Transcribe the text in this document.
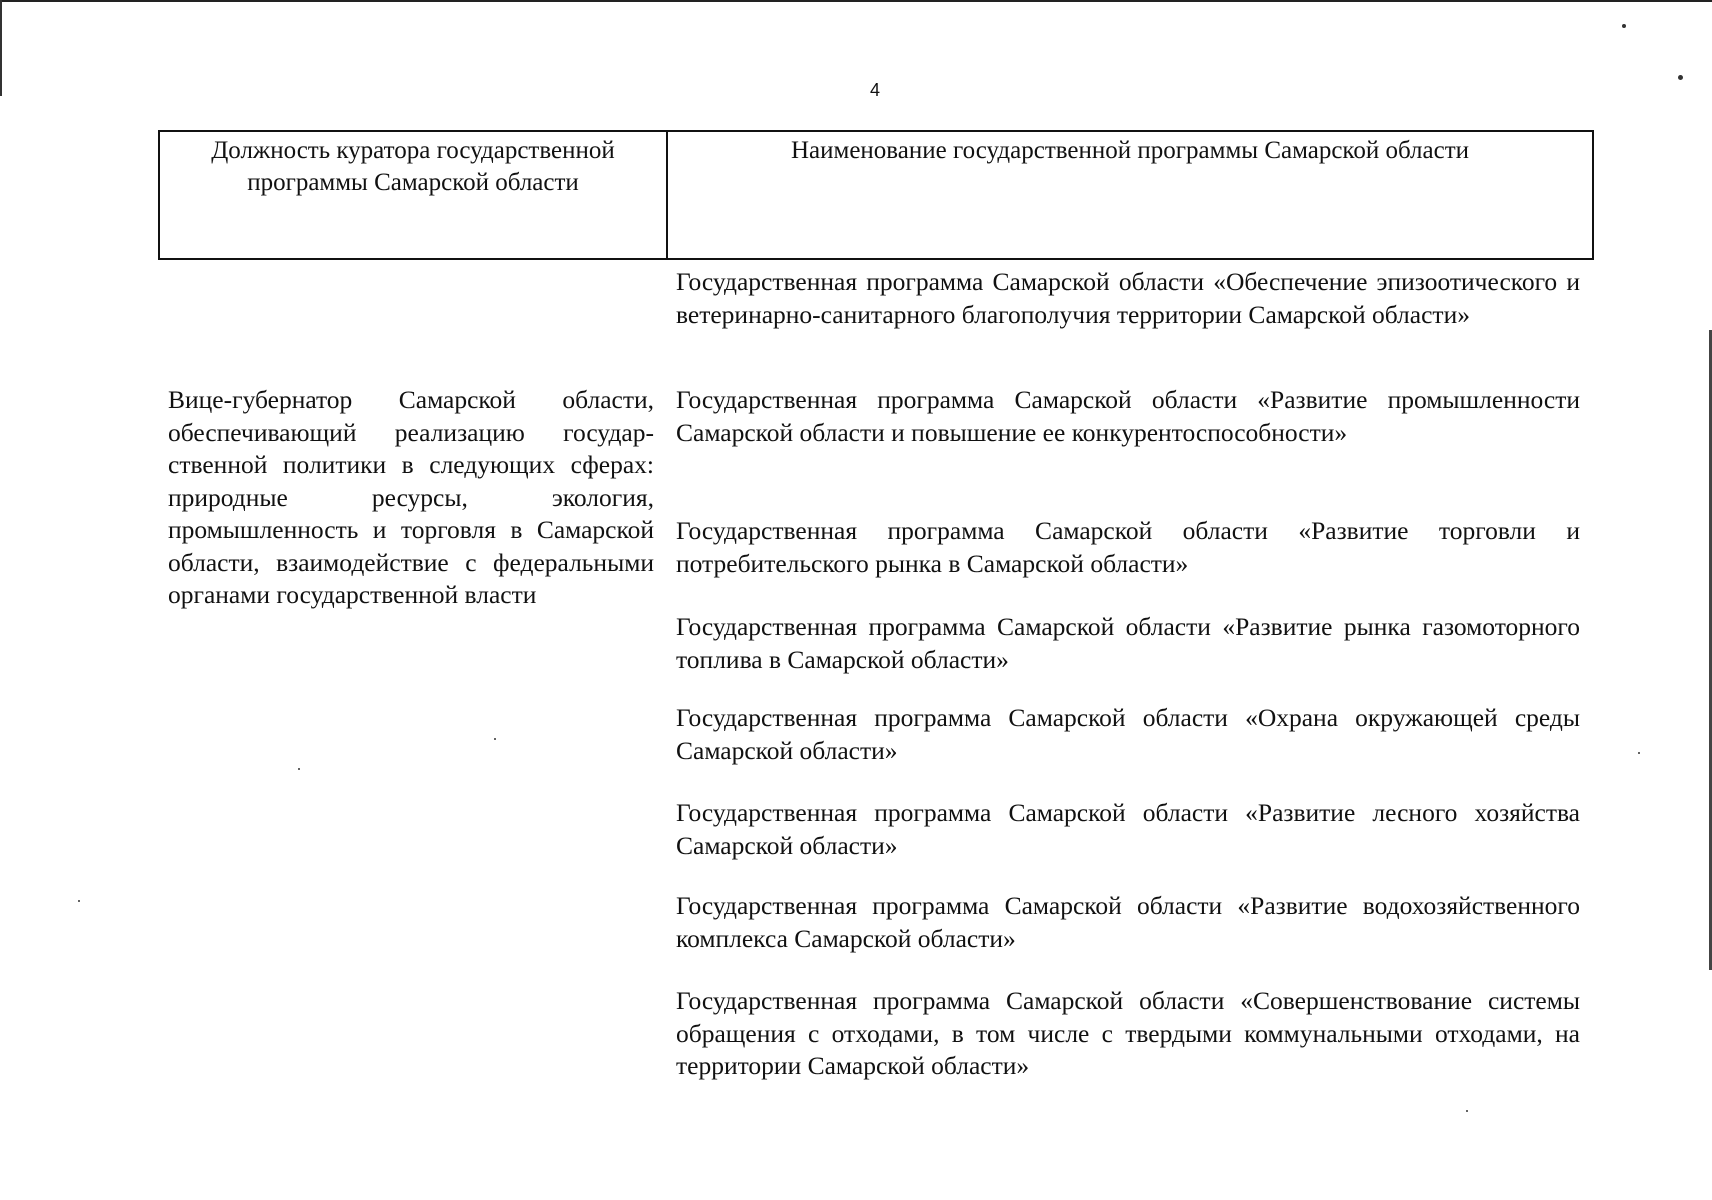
4
Должность куратора государственной программы Самарской области
Наименование государственной программы Самарской области
Вице-губернатор Самарской области, обеспечивающий реализацию государственной политики в следующих сферах: природные ресурсы, экология, промышленность и торговля в Самарской области, взаимодействие с федеральными органами государственной власти
Государственная программа Самарской области «Обеспечение эпизоотического и ветеринарно-санитарного благополучия территории Самарской области»
Государственная программа Самарской области «Развитие промышленности Самарской области и повышение ее конкурентоспособности»
Государственная программа Самарской области «Развитие торговли и потребительского рынка в Самарской области»
Государственная программа Самарской области «Развитие рынка газомоторного топлива в Самарской области»
Государственная программа Самарской области «Охрана окружающей среды Самарской области»
Государственная программа Самарской области «Развитие лесного хозяйства Самарской области»
Государственная программа Самарской области «Развитие водохозяйственного комплекса Самарской области»
Государственная программа Самарской области «Совершенствование системы обращения с отходами, в том числе с твердыми коммунальными отходами, на территории Самарской области»
